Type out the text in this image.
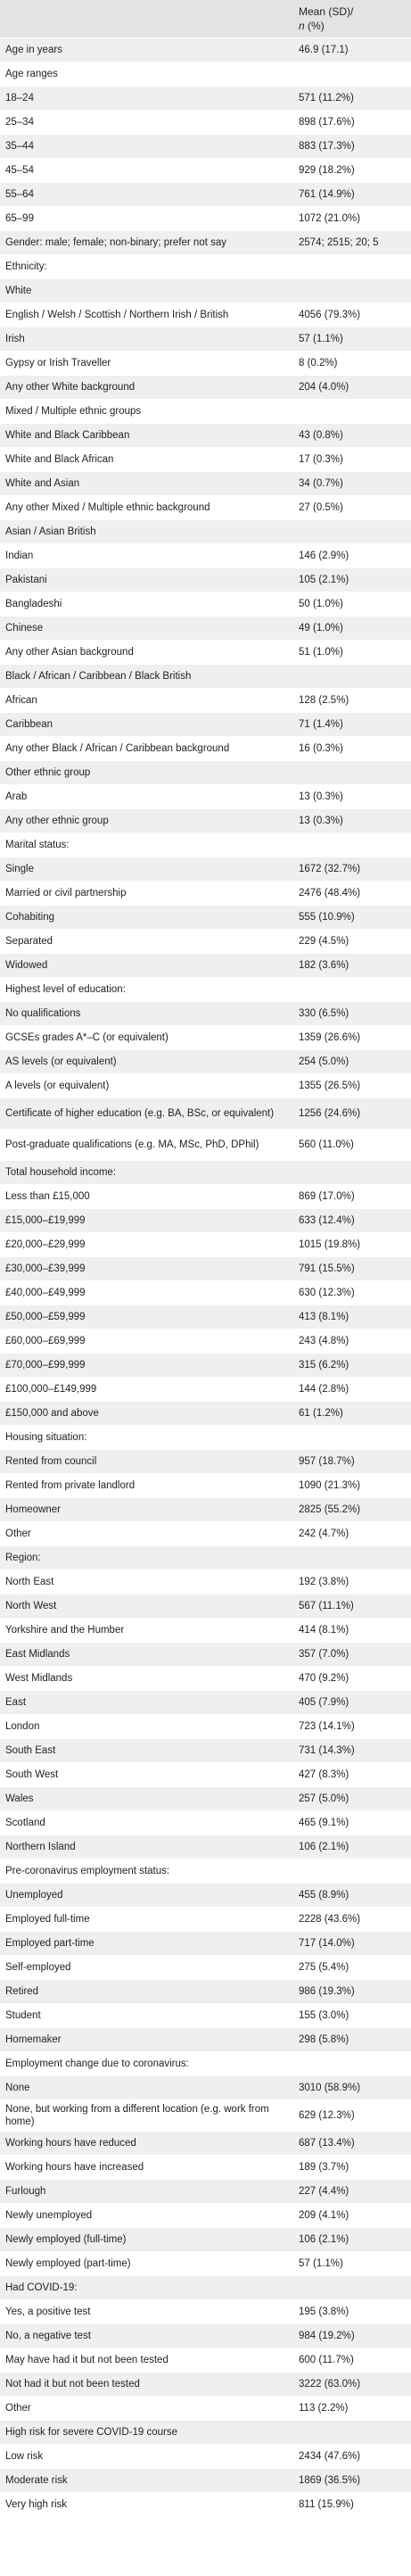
	Mean (SD)/
n (%)
Age in years	46.9 (17.1)
Age ranges	
18–24	571 (11.2%)
25–34	898 (17.6%)
35–44	883 (17.3%)
45–54	929 (18.2%)
55–64	761 (14.9%)
65–99	1072 (21.0%)
Gender: male; female; non-binary; prefer not say	2574; 2515; 20; 5
Ethnicity:	
White	
English / Welsh / Scottish / Northern Irish / British	4056 (79.3%)
Irish	57 (1.1%)
Gypsy or Irish Traveller	8 (0.2%)
Any other White background	204 (4.0%)
Mixed / Multiple ethnic groups	
White and Black Caribbean	43 (0.8%)
White and Black African	17 (0.3%)
White and Asian	34 (0.7%)
Any other Mixed / Multiple ethnic background	27 (0.5%)
Asian / Asian British	
Indian	146 (2.9%)
Pakistani	105 (2.1%)
Bangladeshi	50 (1.0%)
Chinese	49 (1.0%)
Any other Asian background	51 (1.0%)
Black / African / Caribbean / Black British	
African	128 (2.5%)
Caribbean	71 (1.4%)
Any other Black / African / Caribbean background	16 (0.3%)
Other ethnic group	
Arab	13 (0.3%)
Any other ethnic group	13 (0.3%)
Marital status:	
Single	1672 (32.7%)
Married or civil partnership	2476 (48.4%)
Cohabiting	555 (10.9%)
Separated	229 (4.5%)
Widowed	182 (3.6%)
Highest level of education:	
No qualifications	330 (6.5%)
GCSEs grades A*–C (or equivalent)	1359 (26.6%)
AS levels (or equivalent)	254 (5.0%)
A levels (or equivalent)	1355 (26.5%)
Certificate of higher education (e.g. BA, BSc, or equivalent)	1256 (24.6%)
Post-graduate qualifications (e.g. MA, MSc, PhD, DPhil)	560 (11.0%)
Total household income:	
Less than £15,000	869 (17.0%)
£15,000–£19,999	633 (12.4%)
£20,000–£29,999	1015 (19.8%)
£30,000–£39,999	791 (15.5%)
£40,000–£49,999	630 (12.3%)
£50,000–£59,999	413 (8.1%)
£60,000–£69,999	243 (4.8%)
£70,000–£99,999	315 (6.2%)
£100,000–£149,999	144 (2.8%)
£150,000 and above	61 (1.2%)
Housing situation:	
Rented from council	957 (18.7%)
Rented from private landlord	1090 (21.3%)
Homeowner	2825 (55.2%)
Other	242 (4.7%)
Region:	
North East	192 (3.8%)
North West	567 (11.1%)
Yorkshire and the Humber	414 (8.1%)
East Midlands	357 (7.0%)
West Midlands	470 (9.2%)
East	405 (7.9%)
London	723 (14.1%)
South East	731 (14.3%)
South West	427 (8.3%)
Wales	257 (5.0%)
Scotland	465 (9.1%)
Northern Island	106 (2.1%)
Pre-coronavirus employment status:	
Unemployed	455 (8.9%)
Employed full-time	2228 (43.6%)
Employed part-time	717 (14.0%)
Self-employed	275 (5.4%)
Retired	986 (19.3%)
Student	155 (3.0%)
Homemaker	298 (5.8%)
Employment change due to coronavirus:	
None	3010 (58.9%)
None, but working from a different location (e.g. work from home)	629 (12.3%)
Working hours have reduced	687 (13.4%)
Working hours have increased	189 (3.7%)
Furlough	227 (4.4%)
Newly unemployed	209 (4.1%)
Newly employed (full-time)	106 (2.1%)
Newly employed (part-time)	57 (1.1%)
Had COVID-19:	
Yes, a positive test	195 (3.8%)
No, a negative test	984 (19.2%)
May have had it but not been tested	600 (11.7%)
Not had it but not been tested	3222 (63.0%)
Other	113 (2.2%)
High risk for severe COVID-19 course	
Low risk	2434 (47.6%)
Moderate risk	1869 (36.5%)
Very high risk	811 (15.9%)
